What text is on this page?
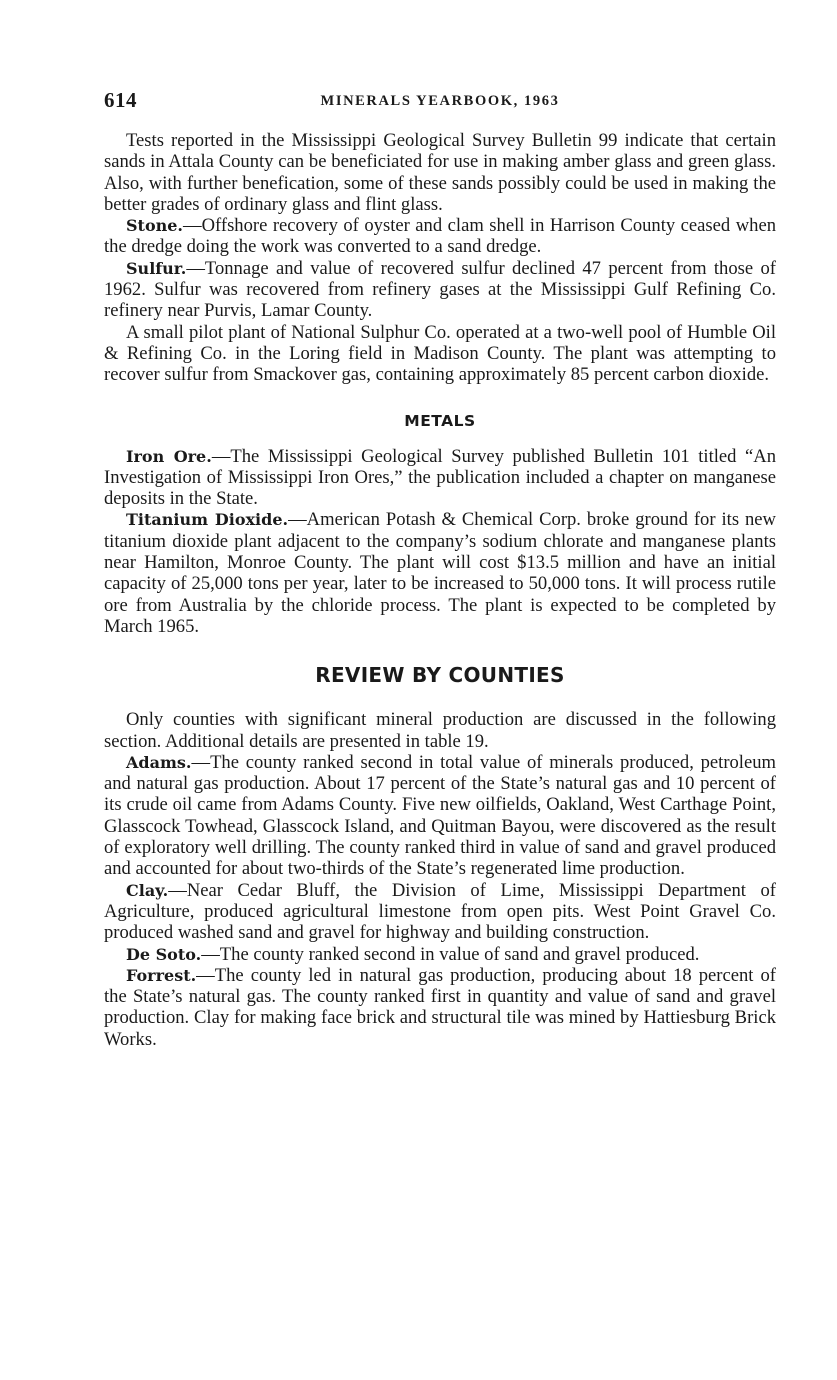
614	MINERALS YEARBOOK, 1963

Tests reported in the Mississippi Geological Survey Bulletin 99 indicate that certain sands in Attala County can be beneficiated for use in making amber glass and green glass. Also, with further benefication, some of these sands possibly could be used in making the better grades of ordinary glass and flint glass.

Stone.—Offshore recovery of oyster and clam shell in Harrison County ceased when the dredge doing the work was converted to a sand dredge.

Sulfur.—Tonnage and value of recovered sulfur declined 47 percent from those of 1962. Sulfur was recovered from refinery gases at the Mississippi Gulf Refining Co. refinery near Purvis, Lamar County.

A small pilot plant of National Sulphur Co. operated at a two-well pool of Humble Oil & Refining Co. in the Loring field in Madison County. The plant was attempting to recover sulfur from Smackover gas, containing approximately 85 percent carbon dioxide.

METALS

Iron Ore.—The Mississippi Geological Survey published Bulletin 101 titled “An Investigation of Mississippi Iron Ores,” the publication included a chapter on manganese deposits in the State.

Titanium Dioxide.—American Potash & Chemical Corp. broke ground for its new titanium dioxide plant adjacent to the company’s sodium chlorate and manganese plants near Hamilton, Monroe County. The plant will cost $13.5 million and have an initial capacity of 25,000 tons per year, later to be increased to 50,000 tons. It will process rutile ore from Australia by the chloride process. The plant is expected to be completed by March 1965.

REVIEW BY COUNTIES

Only counties with significant mineral production are discussed in the following section. Additional details are presented in table 19.

Adams.—The county ranked second in total value of minerals produced, petroleum and natural gas production. About 17 percent of the State’s natural gas and 10 percent of its crude oil came from Adams County. Five new oilfields, Oakland, West Carthage Point, Glasscock Towhead, Glasscock Island, and Quitman Bayou, were discovered as the result of exploratory well drilling. The county ranked third in value of sand and gravel produced and accounted for about two-thirds of the State’s regenerated lime production.

Clay.—Near Cedar Bluff, the Division of Lime, Mississippi Department of Agriculture, produced agricultural limestone from open pits. West Point Gravel Co. produced washed sand and gravel for highway and building construction.

De Soto.—The county ranked second in value of sand and gravel produced.

Forrest.—The county led in natural gas production, producing about 18 percent of the State’s natural gas. The county ranked first in quantity and value of sand and gravel production. Clay for making face brick and structural tile was mined by Hattiesburg Brick Works.
